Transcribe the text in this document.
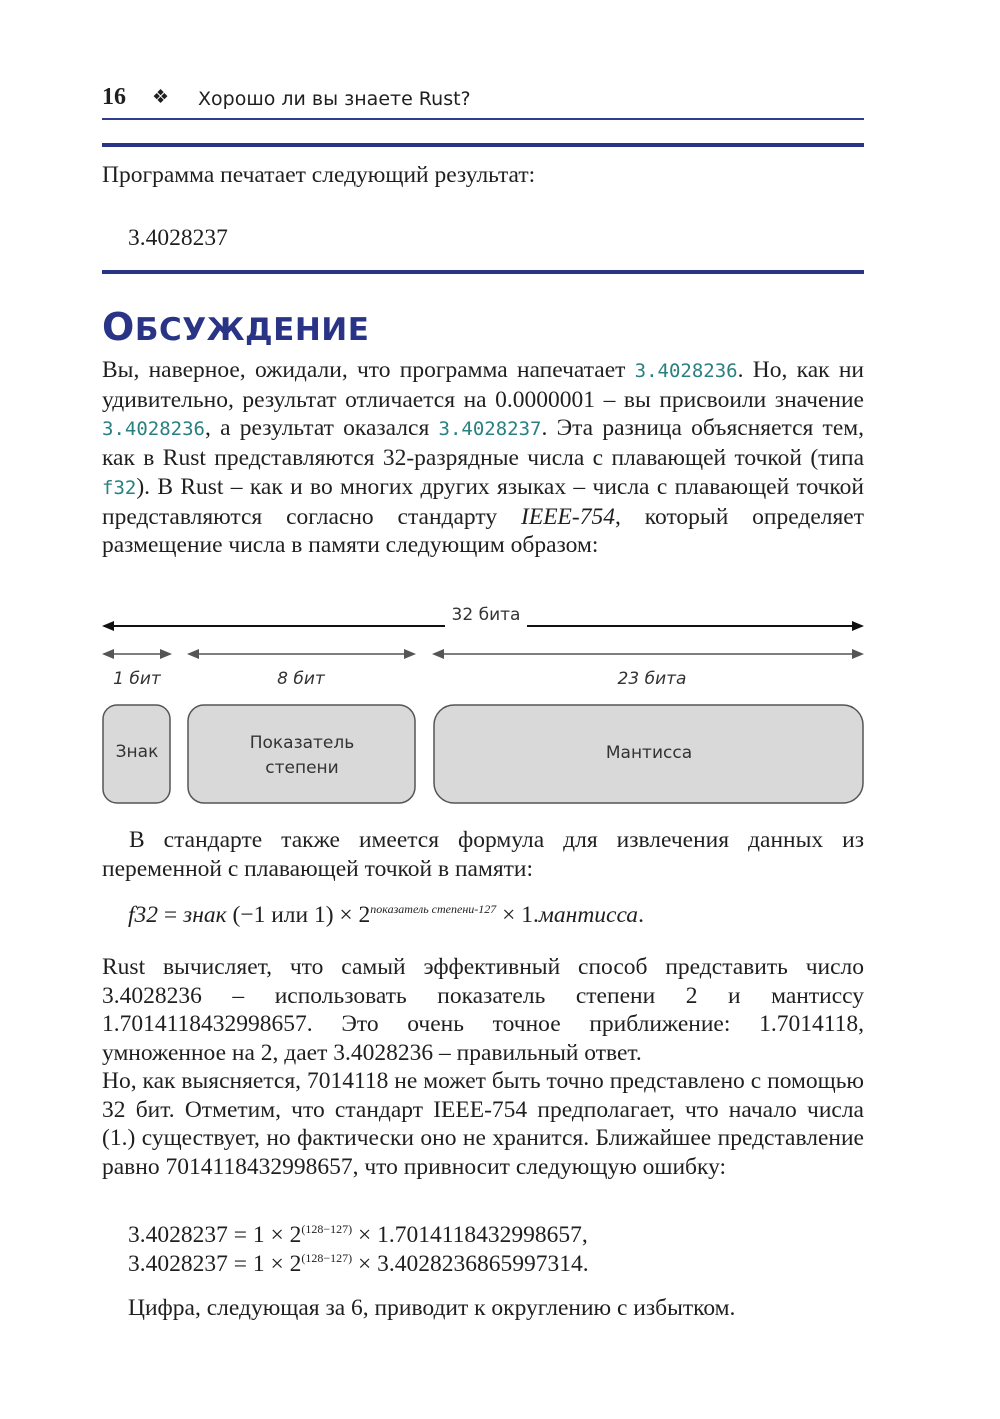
16 ❖ Хорошо ли вы знаете Rust?
Программа печатает следующий результат:
3.4028237
ОБСУЖДЕНИЕ
Вы, наверное, ожидали, что программа напечатает 3.4028236. Но, как ни удивительно, результат отличается на 0.0000001 – вы присвоили значение 3.4028236, а результат оказался 3.4028237. Эта разница объясняется тем, как в Rust представляются 32-разрядные числа с плавающей точкой (типа f32). В Rust – как и во многих других языках – числа с плавающей точкой представляются согласно стандарту IEEE-754, который определяет размещение числа в памяти следующим образом:
32 бита
1 бит	8 бит	23 бита
Знак	Показатель
степени
Мантисса
В стандарте также имеется формула для извлечения данных из переменной с плавающей точкой в памяти:
f32 = знак (−1 или $1) \times 2^{показатель степени-127}$ × 1.мантисса.
Rust вычисляет, что самый эффективный способ представить число 3.4028236 – использовать показатель степени 2 и мантиссу 1.7014118432998657. Это очень точное приближение: 1.7014118, умноженное на 2, дает 3.4028236 – правильный ответ.
Но, как выясняется, 7014118 не может быть точно представлено с помощью 32 бит. Отметим, что стандарт IEEE-754 предполагает, что начало числа (1.) существует, но фактически оно не хранится. Ближайшее представление равно 7014118432998657, что привносит следующую ошибку:
$3.4028237 = 1 \times 2^{(128-127)} \times 1.7014118432998657$,
$3.4028237 = 1 \times 2^{(128-127)} \times 3.4028236865997314$.
Цифра, следующая за 6, приводит к округлению с избытком.
